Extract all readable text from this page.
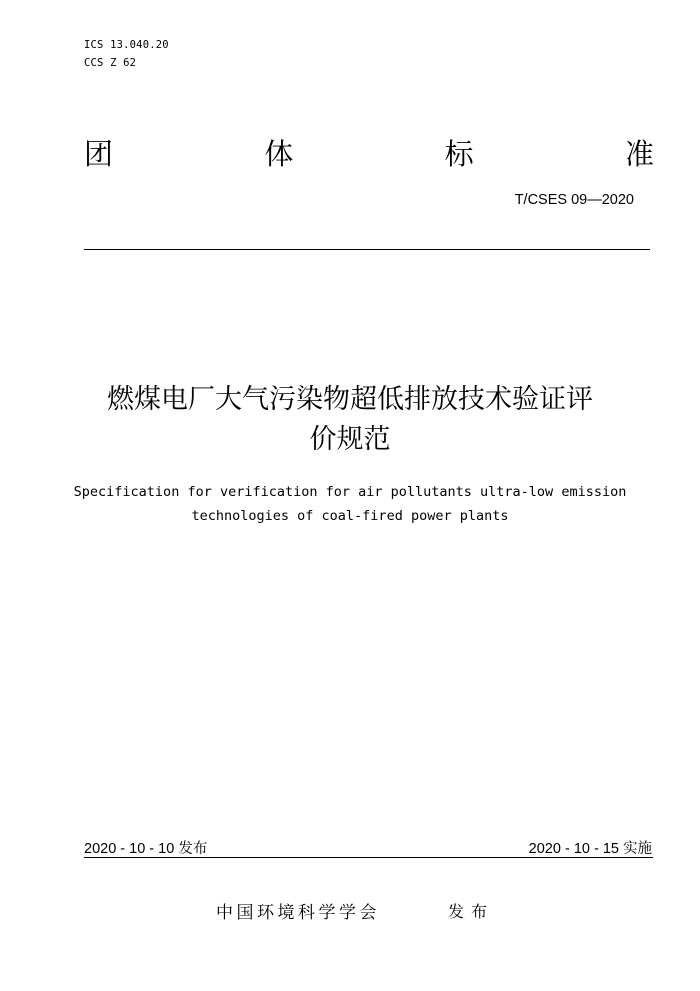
ICS 13.040.20
CCS Z 62
团	体	标	准
T/CSES 09—2020
燃煤电厂大气污染物超低排放技术验证评
价规范
Specification for verification for air pollutants ultra-low emission
technologies of coal-fired power plants
2020 - 10 - 10 发布	2020 - 10 - 15 实施
中国环境科学学会	发布
